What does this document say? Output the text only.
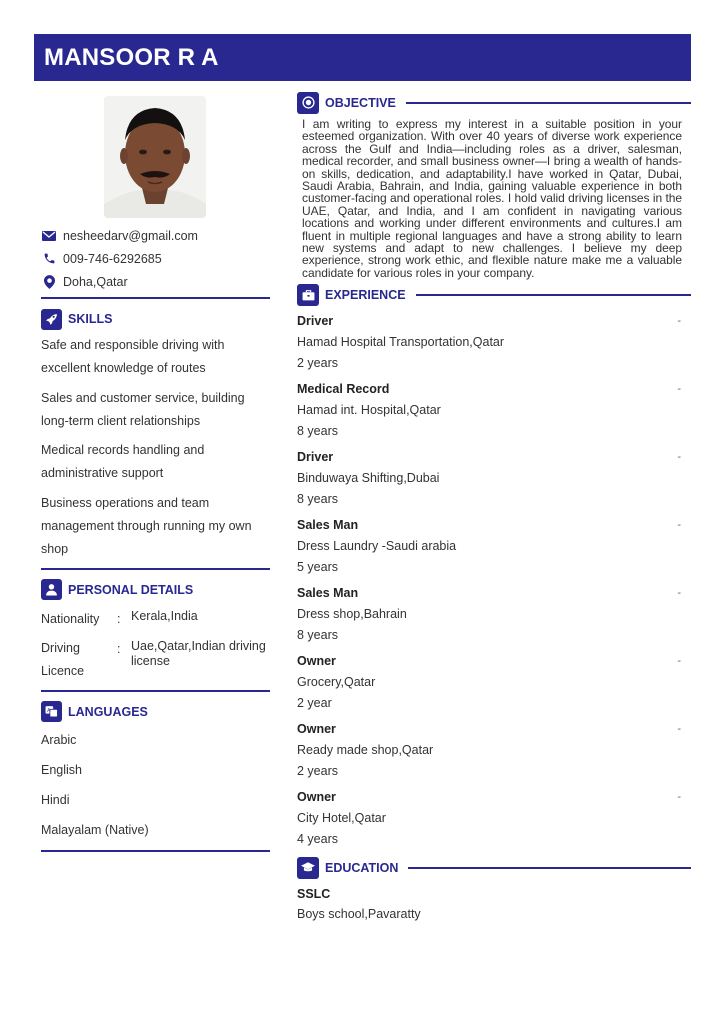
MANSOOR R A
nesheedarv@gmail.com
009-746-6292685
Doha,Qatar
SKILLS
Safe and responsible driving with excellent knowledge of routes
Sales and customer service, building long-term client relationships
Medical records handling and administrative support
Business operations and team management through running my own shop
PERSONAL DETAILS
Nationality	: Kerala,India
Driving Licence
: Uae,Qatar,Indian driving license
A LANGUAGES
Arabic
English
Hindi
Malayalam (Native)
OBJECTIVE
I am writing to express my interest in a suitable position in your esteemed organization. With over 40 years of diverse work experience across the Gulf and India—including roles as a driver, salesman, medical recorder, and small business owner—I bring a wealth of hands-on skills, dedication, and adaptability.I have worked in Qatar, Dubai, Saudi Arabia, Bahrain, and India, gaining valuable experience in both customer-facing and operational roles. I hold valid driving licenses in the UAE, Qatar, and India, and I am confident in navigating various locations and working under different environments and cultures.I am fluent in multiple regional languages and have a strong ability to learn new systems and adapt to new challenges. I believe my deep experience, strong work ethic, and flexible nature make me a valuable candidate for various roles in your company.
EXPERIENCE
Driver	-
Hamad Hospital Transportation,Qatar
2 years
Medical Record	-
Hamad int. Hospital,Qatar
8 years
Driver	-
Binduwaya Shifting,Dubai
8 years
Sales Man	-
Dress Laundry -Saudi arabia
5 years
Sales Man	-
Dress shop,Bahrain
8 years
Owner	-
Grocery,Qatar
2 year
Owner	-
Ready made shop,Qatar
2 years
Owner	-
City Hotel,Qatar
4 years
EDUCATION
SSLC
Boys school,Pavaratty
